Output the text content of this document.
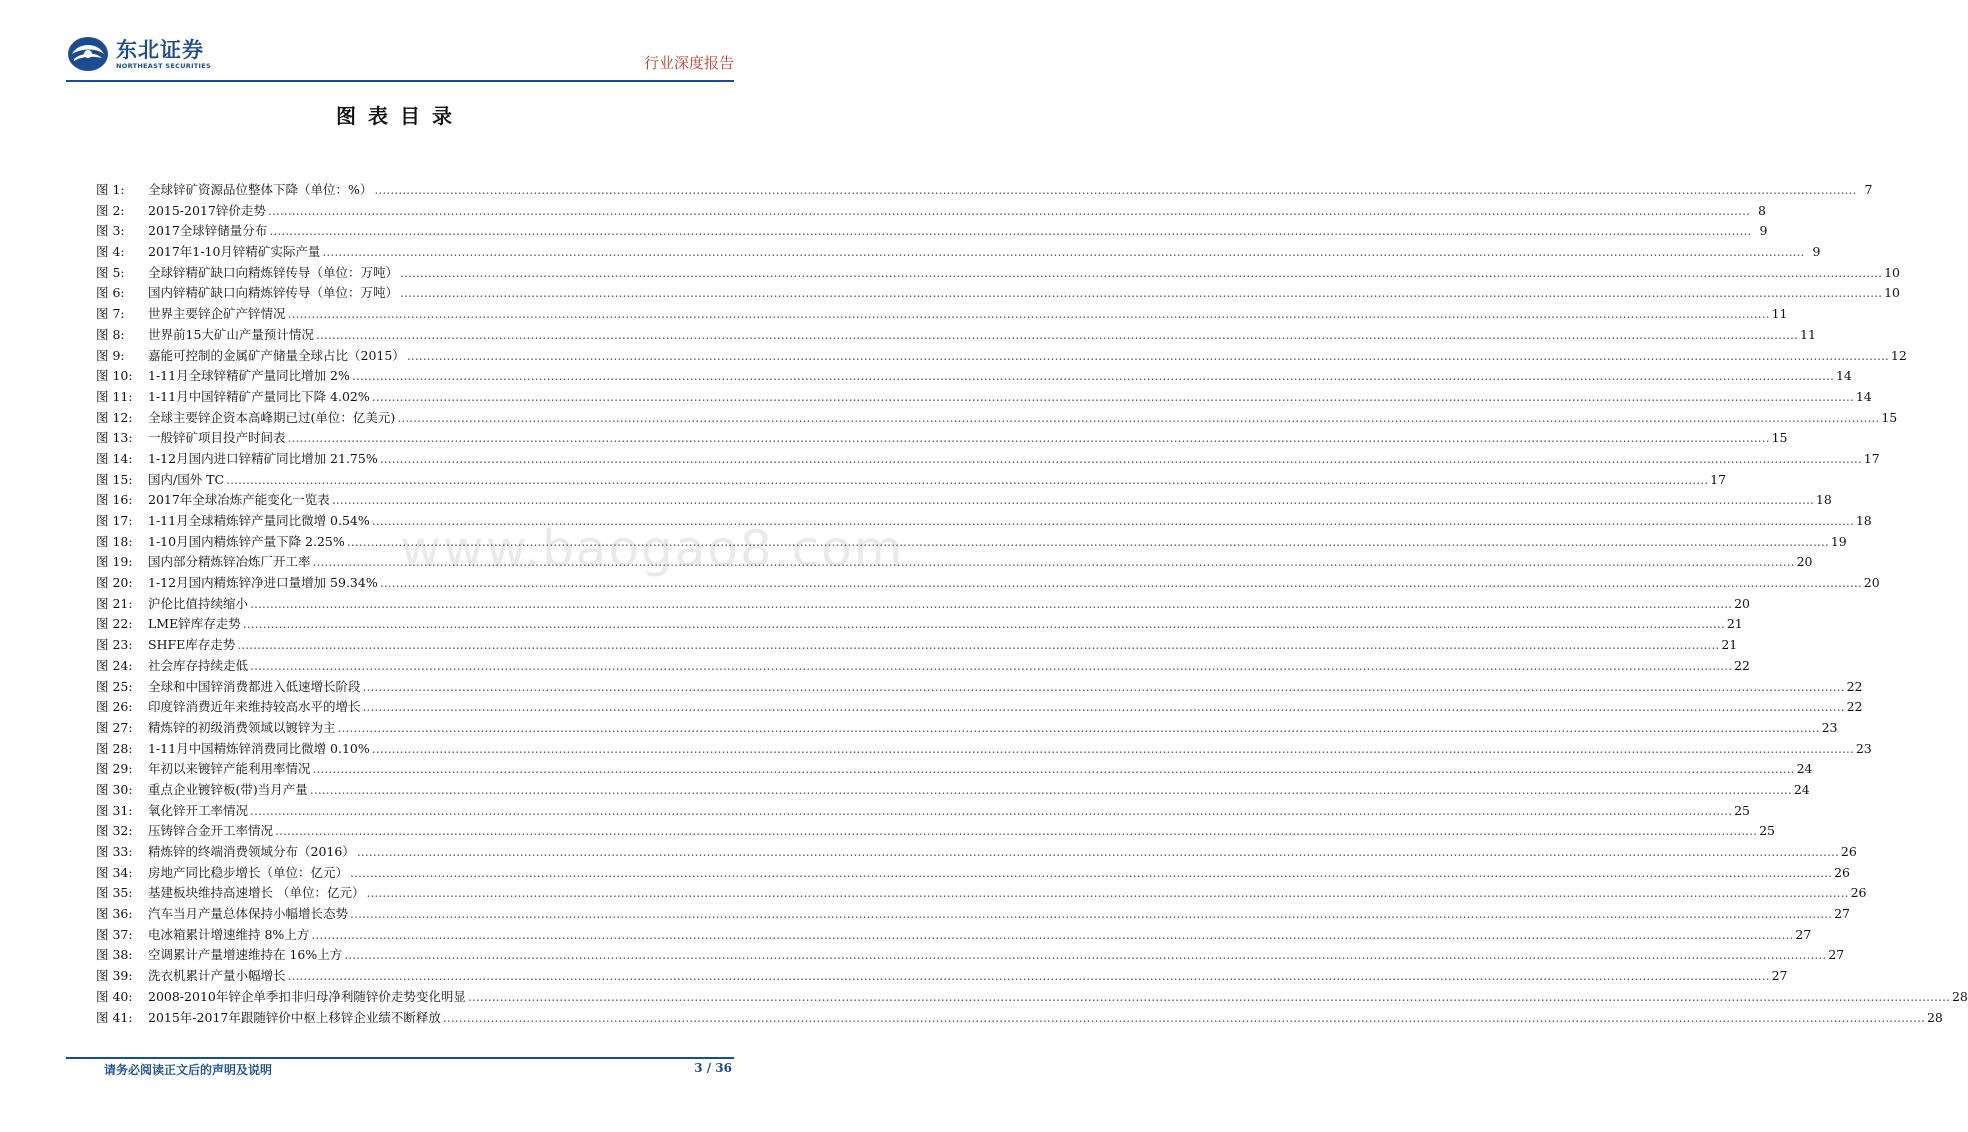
东北证券
NORTHEAST SECURITIES	行业深度报告
图表目录
www.baogao8.com
图 1:	全球锌矿资源品位整体下降（单位：%） .....	7
图 2:	2015-2017锌价走势 .....	8
图 3:	2017全球锌储量分布 .....	9
图 4:	2017年1-10月锌精矿实际产量 .....	9
图 5:	全球锌精矿缺口向精炼锌传导（单位：万吨） .....	10
图 6:	国内锌精矿缺口向精炼锌传导（单位：万吨） .....	10
图 7:	世界主要锌企矿产锌情况 .....	11
图 8:	世界前15大矿山产量预计情况 .....	11
图 9:	嘉能可控制的金属矿产储量全球占比（2015） .....	12
图 10:	1-11月全球锌精矿产量同比增加 2% .....	14
图 11:	1-11月中国锌精矿产量同比下降 4.02% .....	14
图 12:	全球主要锌企资本高峰期已过(单位：亿美元) .....	15
图 13:	一般锌矿项目投产时间表 .....	15
图 14:	1-12月国内进口锌精矿同比增加 21.75% .....	17
图 15:	国内/国外 TC .....	17
图 16:	2017年全球冶炼产能变化一览表 .....	18
图 17:	1-11月全球精炼锌产量同比微增 0.54% .....	18
图 18:	1-10月国内精炼锌产量下降 2.25% .....	19
图 19:	国内部分精炼锌冶炼厂开工率 .....	20
图 20:	1-12月国内精炼锌净进口量增加 59.34% .....	20
图 21:	沪伦比值持续缩小 .....	20
图 22:	LME锌库存走势 .....	21
图 23:	SHFE库存走势 .....	21
图 24:	社会库存持续走低 .....	22
图 25:	全球和中国锌消费都进入低速增长阶段 .....	22
图 26:	印度锌消费近年来维持较高水平的增长 .....	22
图 27:	精炼锌的初级消费领域以镀锌为主 .....	23
图 28:	1-11月中国精炼锌消费同比微增 0.10% .....	23
图 29:	年初以来镀锌产能利用率情况 .....	24
图 30:	重点企业镀锌板(带)当月产量 .....	24
图 31:	氧化锌开工率情况 .....	25
图 32:	压铸锌合金开工率情况 .....	25
图 33:	精炼锌的终端消费领域分布（2016） .....	26
图 34:	房地产同比稳步增长（单位：亿元） .....	26
图 35:	基建板块维持高速增长 （单位：亿元） .....	26
图 36:	汽车当月产量总体保持小幅增长态势 .....	27
图 37:	电冰箱累计增速维持 8%上方 .....	27
图 38:	空调累计产量增速维持在 16%上方 .....	27
图 39:	洗衣机累计产量小幅增长 .....	27
图 40:	2008-2010年锌企单季扣非归母净利随锌价走势变化明显 .....	28
图 41:	2015年-2017年跟随锌价中枢上移锌企业绩不断释放 .....	28
请务必阅读正文后的声明及说明	3 / 36
